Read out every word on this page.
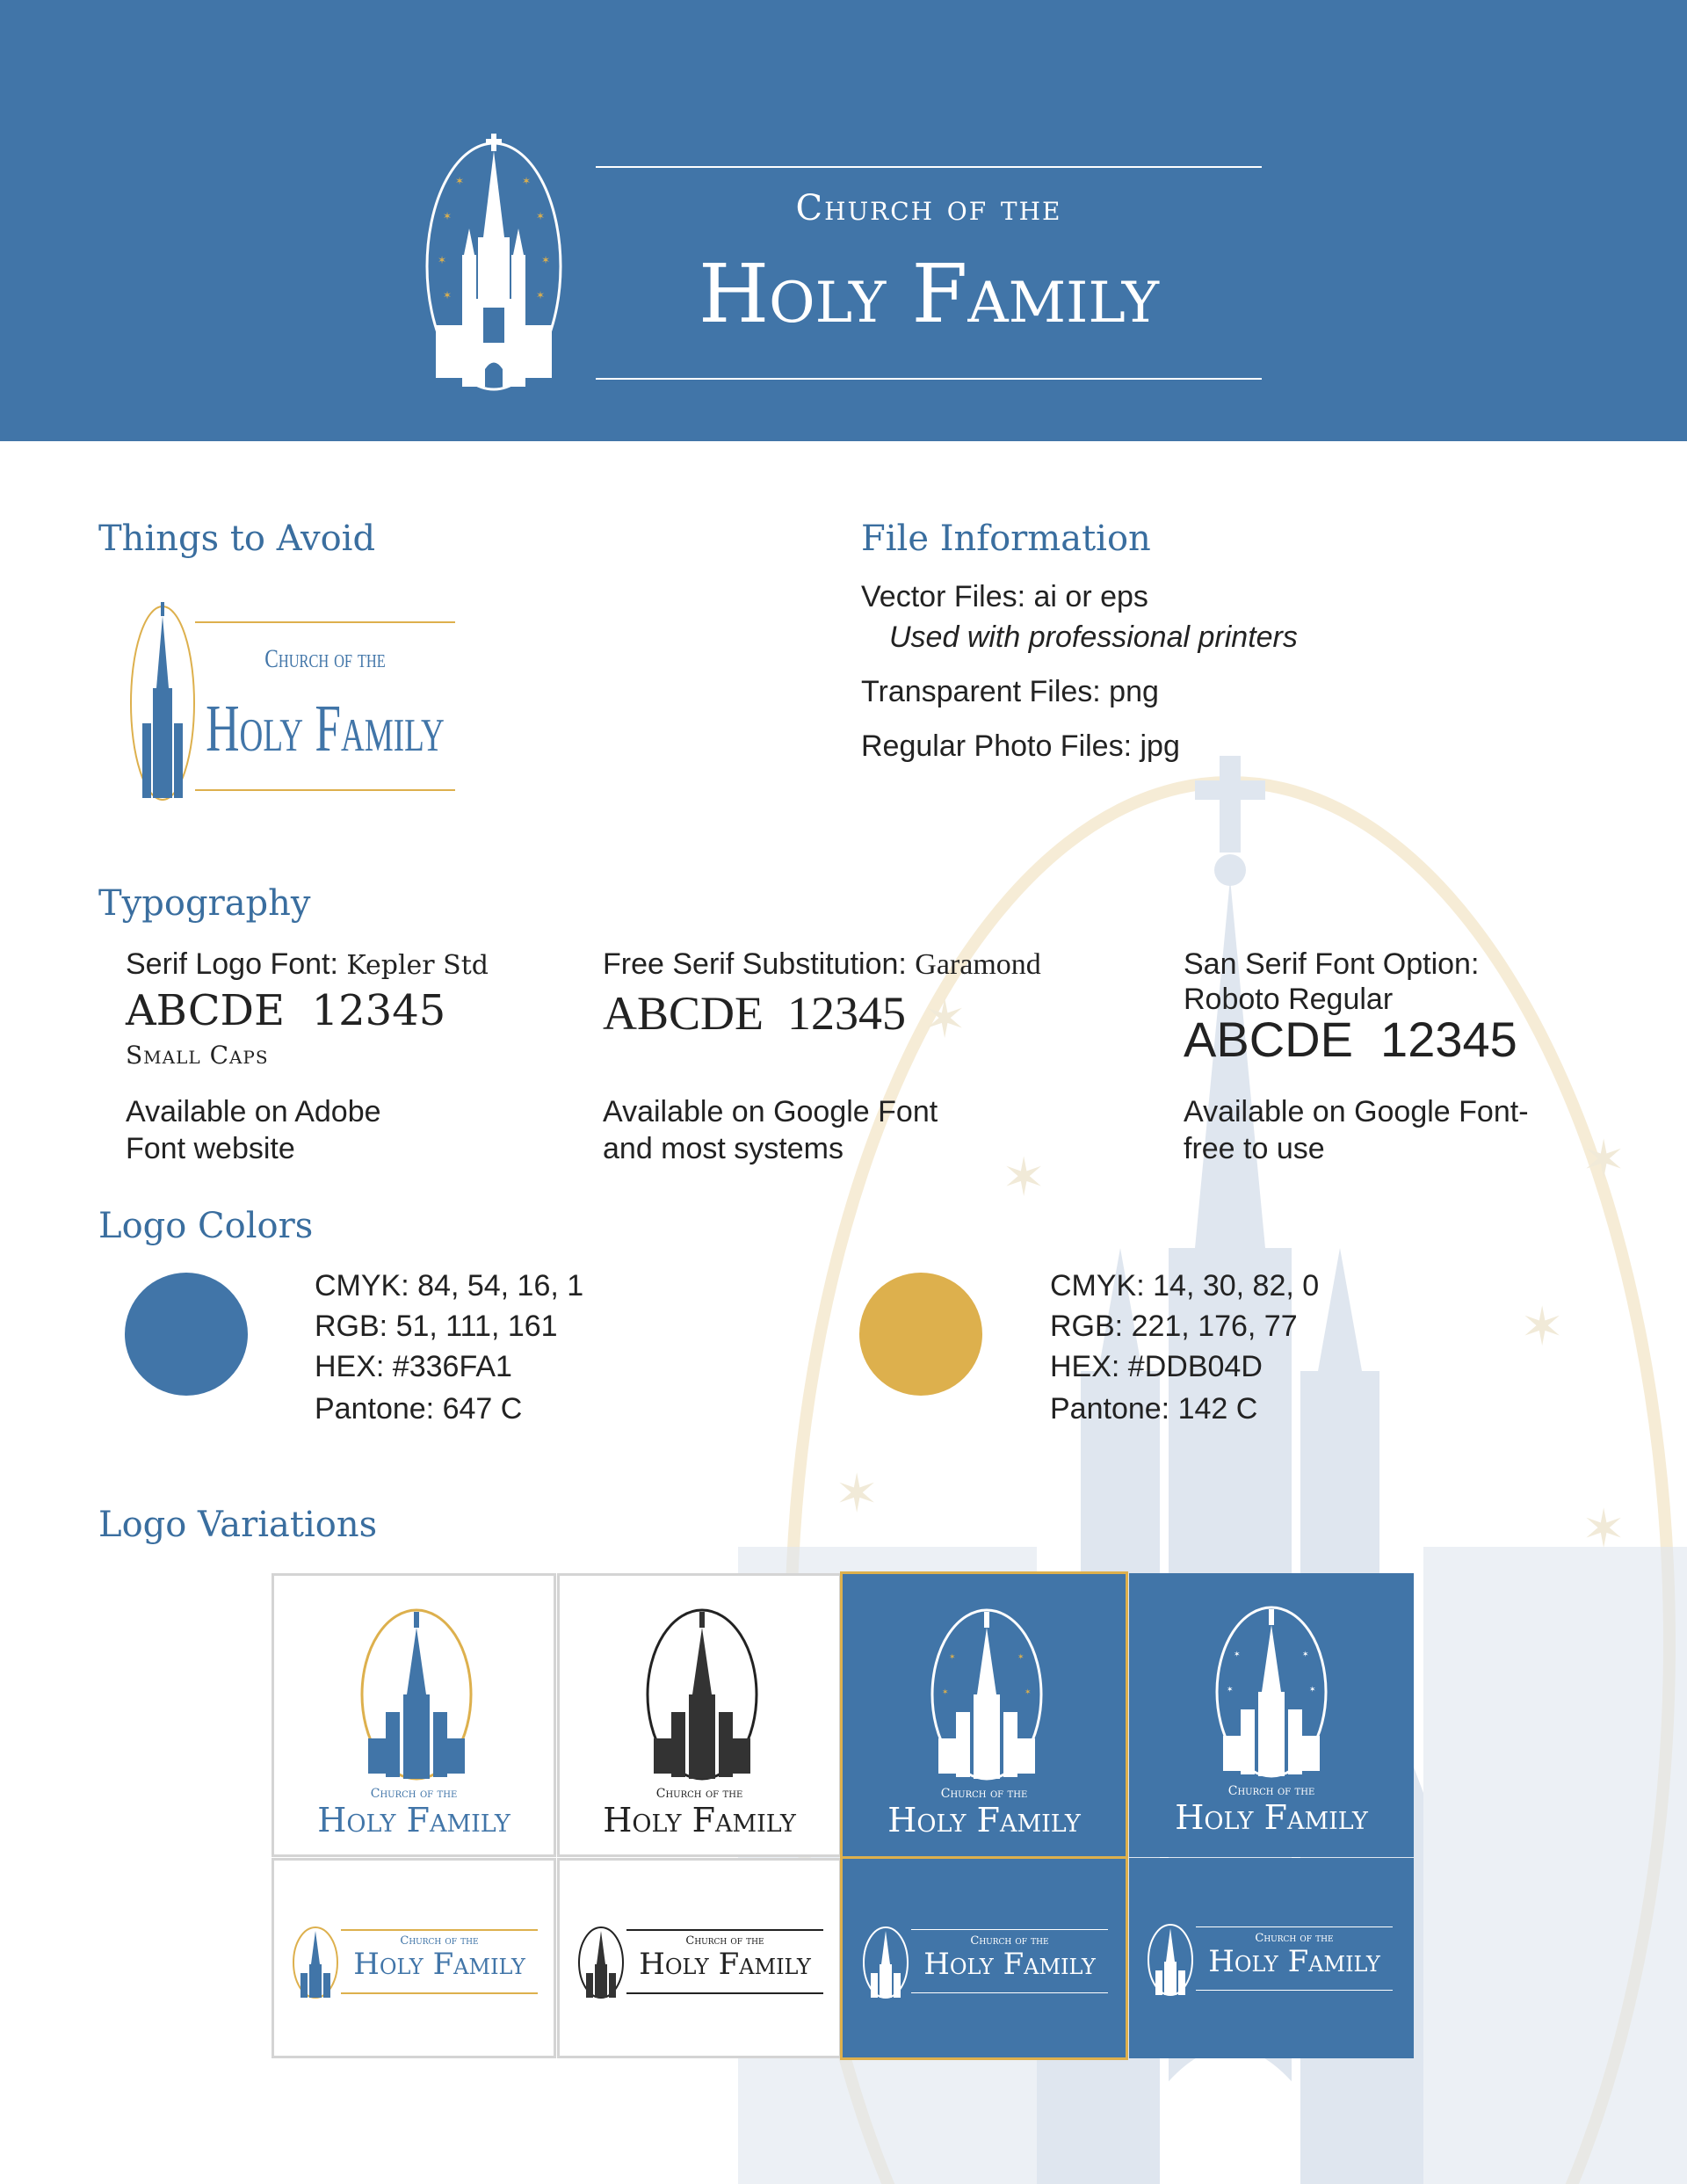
✶
✶
✶
✶
✶
✶
✶	✶
✶	✶
✶	✶
✶	✶
Church of the
Holy Family
Things to Avoid
Church of the
Holy Family
File Information
Vector Files: ai or eps
Used with professional printers
Transparent Files: png
Regular Photo Files: jpg
Typography
Serif Logo Font: Kepler Std
ABCDE  12345
Small Caps
Available on Adobe
Font website
Free Serif Substitution: Garamond
ABCDE  12345
Available on Google Font
and most systems
San Serif Font Option:
Roboto Regular
ABCDE  12345
Available on Google Font-
free to use
Logo Colors
CMYK: 84, 54, 16, 1
RGB: 51, 111, 161
HEX: #336FA1
Pantone: 647 C
CMYK: 14, 30, 82, 0
RGB: 221, 176, 77
HEX: #DDB04D
Pantone: 142 C
Logo Variations
Church of the
Holy Family
Church of the
Holy Family
✶	✶
✶	✶
Church of the
Holy Family
✶	✶
✶	✶
Church of the
Holy Family
Church of the
Holy Family
Church of the
Holy Family
Church of the
Holy Family
Church of the
Holy Family
